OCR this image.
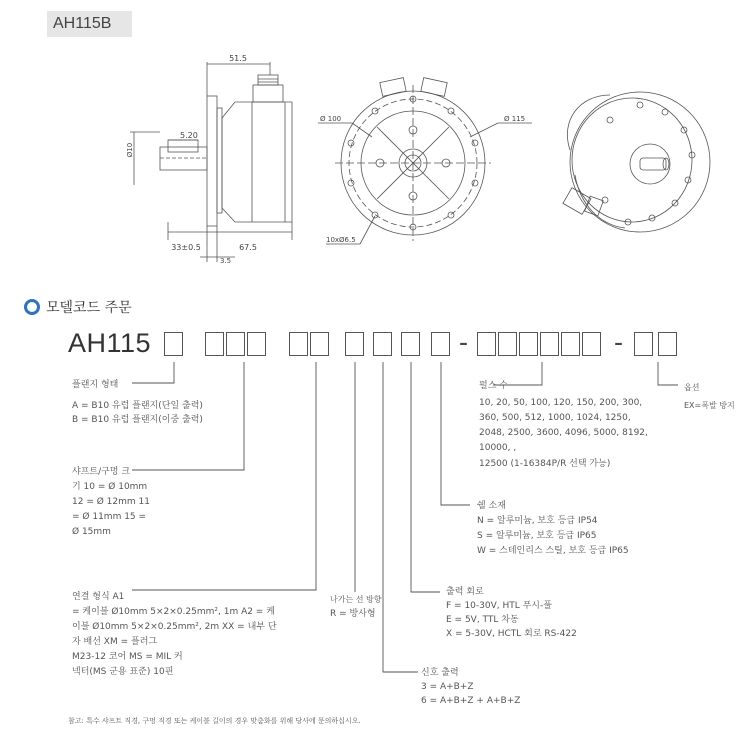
AH115B
51.5
5.20
Ø10
33±0.5	67.5
3.5
Ø 100	Ø 115
10xØ6.5
모델코드 주문
AH115	-	-
플랜지 형태
A = B10 유럽 플랜지(단일 출력)
B = B10 유럽 플랜지(이중 출력)
샤프트/구멍 크
기 10 = Ø 10mm
12 = Ø 12mm 11
= Ø 11mm 15 =
Ø 15mm
연결 형식 A1
= 케이블 Ø10mm 5×2×0.25mm², 1m A2 = 케
이블 Ø10mm 5×2×0.25mm², 2m XX = 내부 단
자 배선 XM = 플러그
M23-12 코어 MS = MIL 커
넥터(MS 군용 표준) 10핀
나가는 선 방향
R = 방사형
신호 출력
3 = A+B+Z
6 = A+B+Z + A+B+Z
출력 회로
F = 10-30V, HTL 푸시-풀
E = 5V, TTL 차동
X = 5-30V, HCTL 회로 RS-422
쉘 소재
N = 알루미늄, 보호 등급 IP54
S = 알루미늄, 보호 등급 IP65
W = 스테인리스 스틸, 보호 등급 IP65
펄스 수
10, 20, 50, 100, 120, 150, 200, 300,
360, 500, 512, 1000, 1024, 1250,
2048, 2500, 3600, 4096, 5000, 8192,
10000, ,
12500 (1-16384P/R 선택 가능)
옵션
EX=폭발 방지
참고: 특수 샤프트 직경, 구멍 직경 또는 케이블 길이의 경우 맞춤화를 위해 당사에 문의하십시오.
